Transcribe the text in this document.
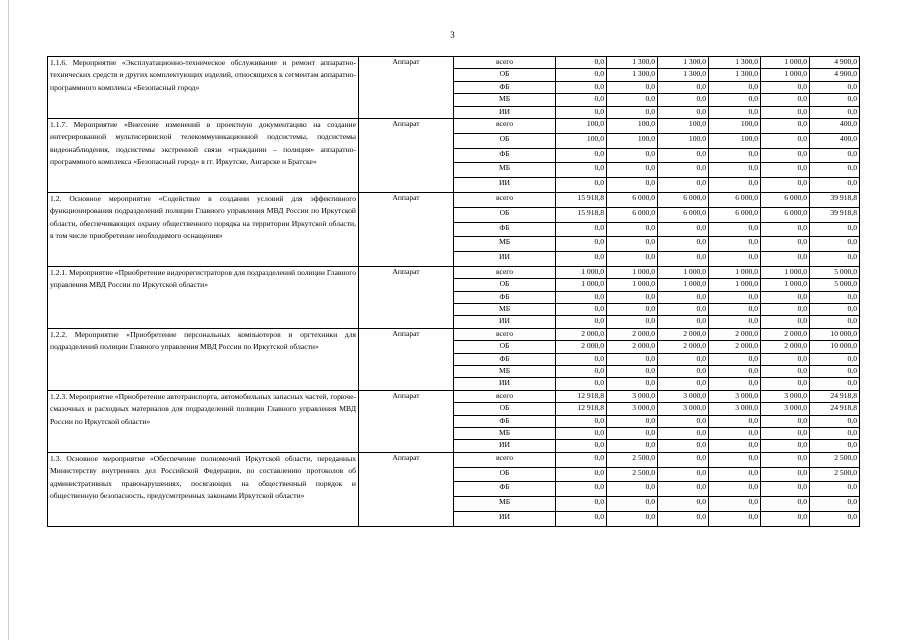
3
1.1.6. Мероприятие «Эксплуатационно-техническое обслуживание и ремонт аппаратно-технических средств и других комплектующих изделий, относящихся к сегментам аппаратно-программного комплекса «Безопасный город»	Аппарат	всего	0,0	1 300,0	1 300,0	1 300,0	1 000,0	4 900,0
		ОБ	0,0	1 300,0	1 300,0	1 300,0	1 000,0	4 900,0
		ФБ	0,0	0,0	0,0	0,0	0,0	0,0
		МБ	0,0	0,0	0,0	0,0	0,0	0,0
		ИИ	0,0	0,0	0,0	0,0	0,0	0,0
1.1.7. Мероприятие «Внесение изменений в проектную документацию на создание интегрированной мультисервисной телекоммуникационной подсистемы, подсистемы видеонаблюдения, подсистемы экстренной связи «гражданин – полиция» аппаратно-программного комплекса «Безопасный город» в гг. Иркутске, Ангарске и Братске»	Аппарат	всего	100,0	100,0	100,0	100,0	0,0	400,0
		ОБ	100,0	100,0	100,0	100,0	0,0	400,0
		ФБ	0,0	0,0	0,0	0,0	0,0	0,0
		МБ	0,0	0,0	0,0	0,0	0,0	0,0
		ИИ	0,0	0,0	0,0	0,0	0,0	0,0
1.2. Основное мероприятие «Содействие в создании условий для эффективного функционирования подразделений полиции Главного управления МВД России по Иркутской области, обеспечивающих охрану общественного порядка на территории Иркутской области, в том числе приобретение необходимого оснащения»	Аппарат	всего	15 918,8	6 000,0	6 000,0	6 000,0	6 000,0	39 918,8
		ОБ	15 918,8	6 000,0	6 000,0	6 000,0	6 000,0	39 918,8
		ФБ	0,0	0,0	0,0	0,0	0,0	0,0
		МБ	0,0	0,0	0,0	0,0	0,0	0,0
		ИИ	0,0	0,0	0,0	0,0	0,0	0,0
1.2.1. Мероприятие «Приобретение видеорегистраторов для подразделений полиции Главного управления МВД России по Иркутской области»	Аппарат	всего	1 000,0	1 000,0	1 000,0	1 000,0	1 000,0	5 000,0
		ОБ	1 000,0	1 000,0	1 000,0	1 000,0	1 000,0	5 000,0
		ФБ	0,0	0,0	0,0	0,0	0,0	0,0
		МБ	0,0	0,0	0,0	0,0	0,0	0,0
		ИИ	0,0	0,0	0,0	0,0	0,0	0,0
1.2.2. Мероприятие «Приобретение персональных компьютеров и оргтехники для подразделений полиции Главного управления МВД России по Иркутской области»	Аппарат	всего	2 000,0	2 000,0	2 000,0	2 000,0	2 000,0	10 000,0
		ОБ	2 000,0	2 000,0	2 000,0	2 000,0	2 000,0	10 000,0
		ФБ	0,0	0,0	0,0	0,0	0,0	0,0
		МБ	0,0	0,0	0,0	0,0	0,0	0,0
		ИИ	0,0	0,0	0,0	0,0	0,0	0,0
1.2.3. Мероприятие «Приобретение автотранспорта, автомобильных запасных частей, горюче-смазочных и расходных материалов для подразделений полиции Главного управления МВД России по Иркутской области»	Аппарат	всего	12 918,8	3 000,0	3 000,0	3 000,0	3 000,0	24 918,8
		ОБ	12 918,8	3 000,0	3 000,0	3 000,0	3 000,0	24 918,8
		ФБ	0,0	0,0	0,0	0,0	0,0	0,0
		МБ	0,0	0,0	0,0	0,0	0,0	0,0
		ИИ	0,0	0,0	0,0	0,0	0,0	0,0
1.3. Основное мероприятие «Обеспечение полномочий Иркутской области, переданных Министерству внутренних дел Российской Федерации, по составлению протоколов об административных правонарушениях, посягающих на общественный порядок и общественную безопасность, предусмотренных законами Иркутской области»	Аппарат	всего	0,0	2 500,0	0,0	0,0	0,0	2 500,0
		ОБ	0,0	2 500,0	0,0	0,0	0,0	2 500,0
		ФБ	0,0	0,0	0,0	0,0	0,0	0,0
		МБ	0,0	0,0	0,0	0,0	0,0	0,0
		ИИ	0,0	0,0	0,0	0,0	0,0	0,0
